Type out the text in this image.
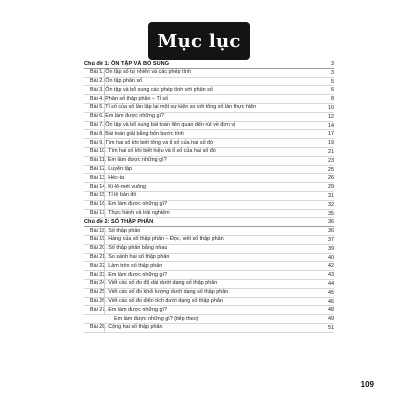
Mục lục
Chủ đề 1: ÔN TẬP VÀ BỔ SUNG	3
Bài 1. Ôn tập số tự nhiên và các phép tính	3
Bài 2. Ôn tập phân số	5
Bài 3. Ôn tập và bổ sung các phép tính với phân số	6
Bài 4. Phân số thập phân – Tỉ số	8
Bài 5. Tỉ số của số lần lặp lại một sự kiện so với tổng số lần thực hiện	10
Bài 6. Em làm được những gì?	12
Bài 7. Ôn tập và bổ sung bài toán liên quan đến rút về đơn vị	14
Bài 8. Bài toán giải bằng bốn bước tính	17
Bài 9. Tìm hai số khi biết tổng và tỉ số của hai số đó	19
Bài 10. Tìm hai số khi biết hiệu và tỉ số của hai số đó	21
Bài 11. Em làm được những gì?	23
Bài 12. Luyện tập	25
Bài 13. Héc-ta	26
Bài 14. Ki-lô-mét vuông	29
Bài 15. Tỉ lệ bản đồ	31
Bài 16. Em làm được những gì?	32
Bài 17. Thực hành và trải nghiệm	35
Chủ đề 2: SỐ THẬP PHÂN	36
Bài 18. Số thập phân	36
Bài 19. Hàng của số thập phân – Đọc, viết số thập phân	37
Bài 20. Số thập phân bằng nhau	39
Bài 21. So sánh hai số thập phân	40
Bài 22. Làm tròn số thập phân	42
Bài 23. Em làm được những gì?	43
Bài 24. Viết các số đo độ dài dưới dạng số thập phân	44
Bài 25. Viết các số đo khối lượng dưới dạng số thập phân	45
Bài 26. Viết các số đo diện tích dưới dạng số thập phân	46
Bài 27. Em làm được những gì?	48
Em làm được những gì? (tiếp theo)	49
Bài 28. Cộng hai số thập phân	51
109
